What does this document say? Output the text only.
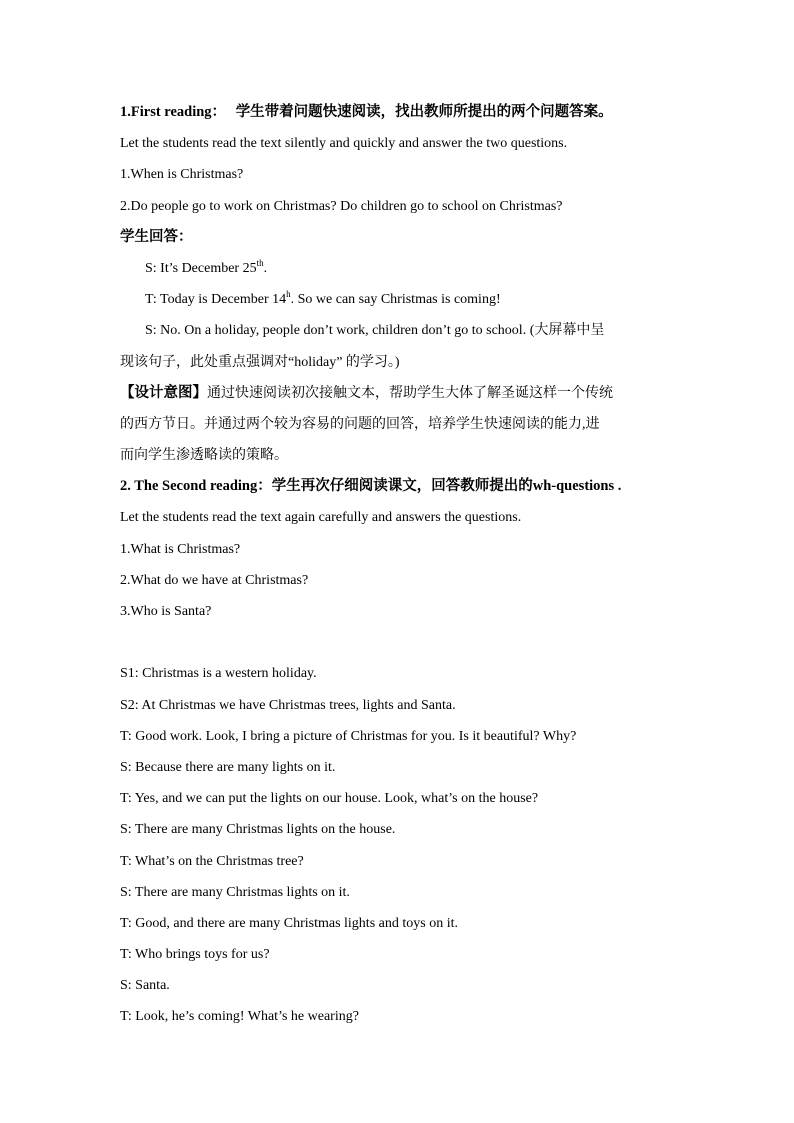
1.First reading： 学生带着问题快速阅读，找出教师所提出的两个问题答案。
Let the students read the text silently and quickly and answer the two questions.
1.When is Christmas?
2.Do people go to work on Christmas? Do children go to school on Christmas?
学生回答：
S: It’s December 25th.
T: Today is December 14$^h$. So we can say Christmas is coming!
S: No. On a holiday, people don’t work, children don’t go to school. (大屏幕中呈
现该句子，此处重点强调对“holiday” 的学习。)
【设计意图】通过快速阅读初次接触文本，帮助学生大体了解圣诞这样一个传统
的西方节日。并通过两个较为容易的问题的回答，培养学生快速阅读的能力,进
而向学生渗透略读的策略。
2. The Second reading：学生再次仔细阅读课文，回答教师提出的wh-questions .
Let the students read the text again carefully and answers the questions.
1.What is Christmas?
2.What do we have at Christmas?
3.Who is Santa?
S1: Christmas is a western holiday.
S2: At Christmas we have Christmas trees, lights and Santa.
T: Good work. Look, I bring a picture of Christmas for you. Is it beautiful? Why?
S: Because there are many lights on it.
T: Yes, and we can put the lights on our house. Look, what’s on the house?
S: There are many Christmas lights on the house.
T: What’s on the Christmas tree?
S: There are many Christmas lights on it.
T: Good, and there are many Christmas lights and toys on it.
T: Who brings toys for us?
S: Santa.
T: Look, he’s coming! What’s he wearing?
